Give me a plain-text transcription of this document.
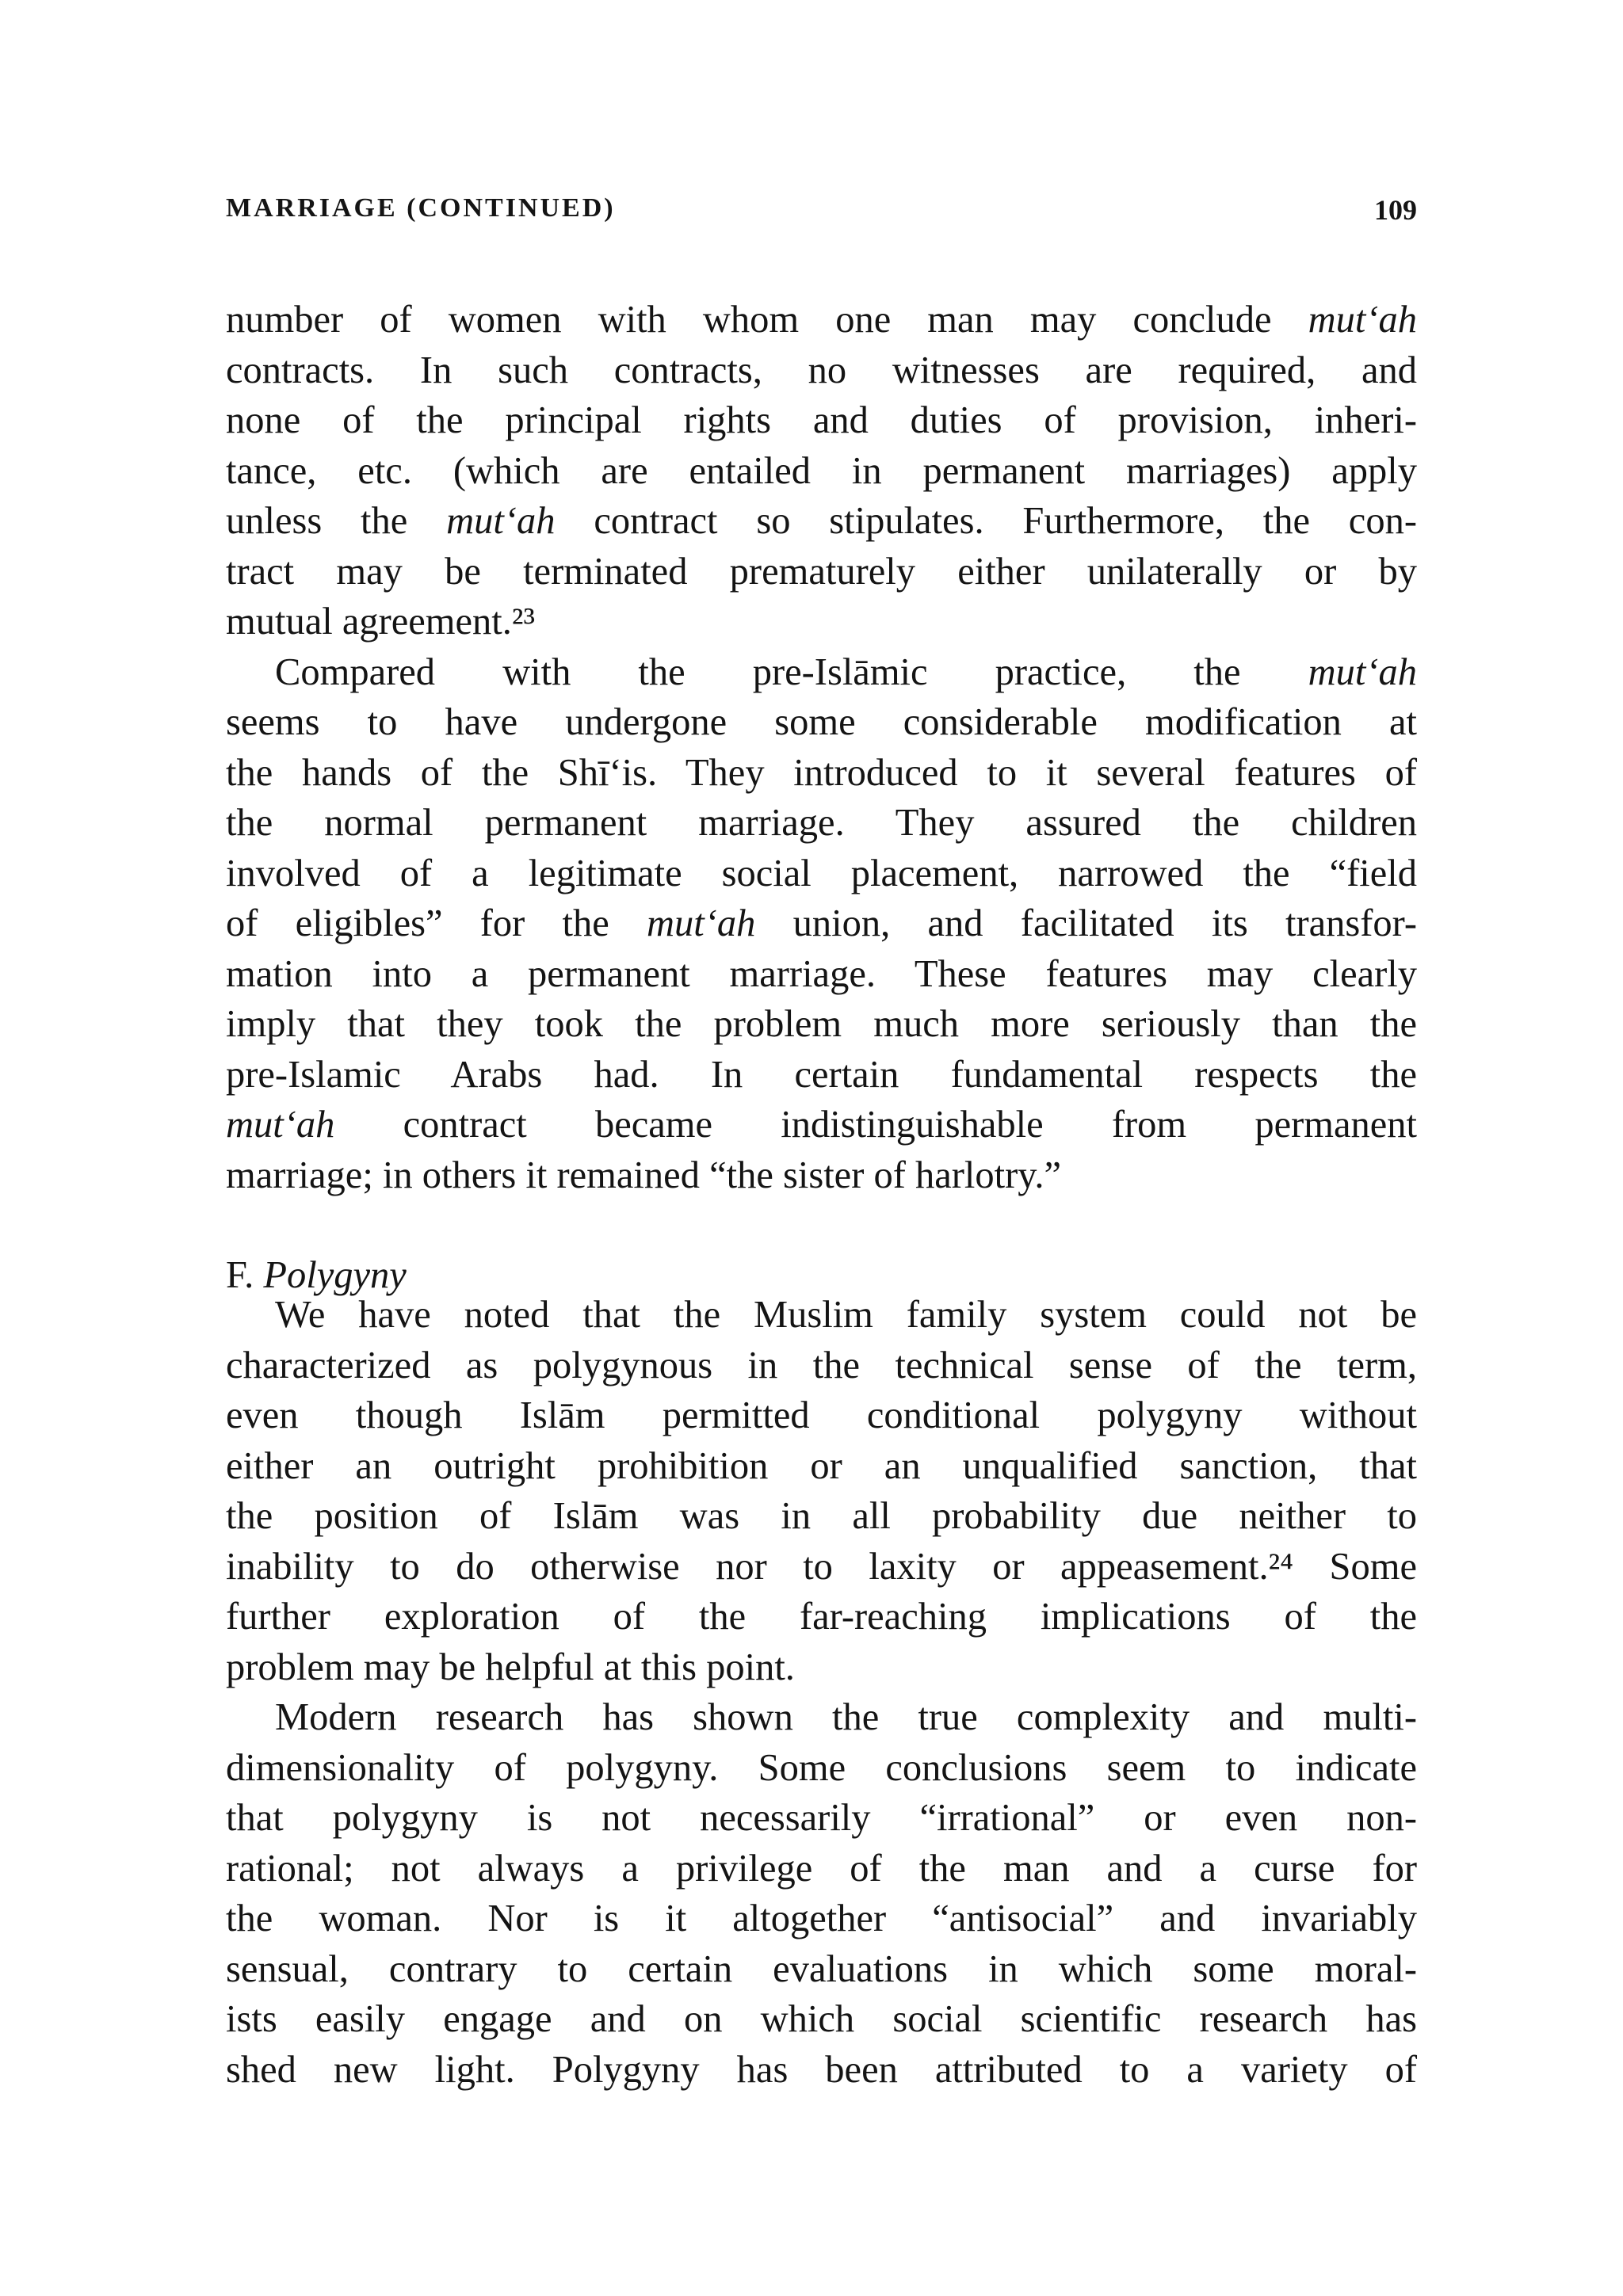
MARRIAGE (CONTINUED)	109
number of women with whom one man may conclude mut‘ah
contracts. In such contracts, no witnesses are required, and
none of the principal rights and duties of provision, inheri-
tance, etc. (which are entailed in permanent marriages) apply
unless the mut‘ah contract so stipulates. Furthermore, the con-
tract may be terminated prematurely either unilaterally or by
mutual agreement.²³
Compared with the pre-Islāmic practice, the mut‘ah
seems to have undergone some considerable modification at
the hands of the Shī‘is. They introduced to it several features of
the normal permanent marriage. They assured the children
involved of a legitimate social placement, narrowed the “field
of eligibles” for the mut‘ah union, and facilitated its transfor-
mation into a permanent marriage. These features may clearly
imply that they took the problem much more seriously than the
pre-Islamic Arabs had. In certain fundamental respects the
mut‘ah contract became indistinguishable from permanent
marriage; in others it remained “the sister of harlotry.”
F. Polygyny
We have noted that the Muslim family system could not be
characterized as polygynous in the technical sense of the term,
even though Islām permitted conditional polygyny without
either an outright prohibition or an unqualified sanction, that
the position of Islām was in all probability due neither to
inability to do otherwise nor to laxity or appeasement.²⁴ Some
further exploration of the far-reaching implications of the
problem may be helpful at this point.
Modern research has shown the true complexity and multi-
dimensionality of polygyny. Some conclusions seem to indicate
that polygyny is not necessarily “irrational” or even non-
rational; not always a privilege of the man and a curse for
the woman. Nor is it altogether “antisocial” and invariably
sensual, contrary to certain evaluations in which some moral-
ists easily engage and on which social scientific research has
shed new light. Polygyny has been attributed to a variety of
